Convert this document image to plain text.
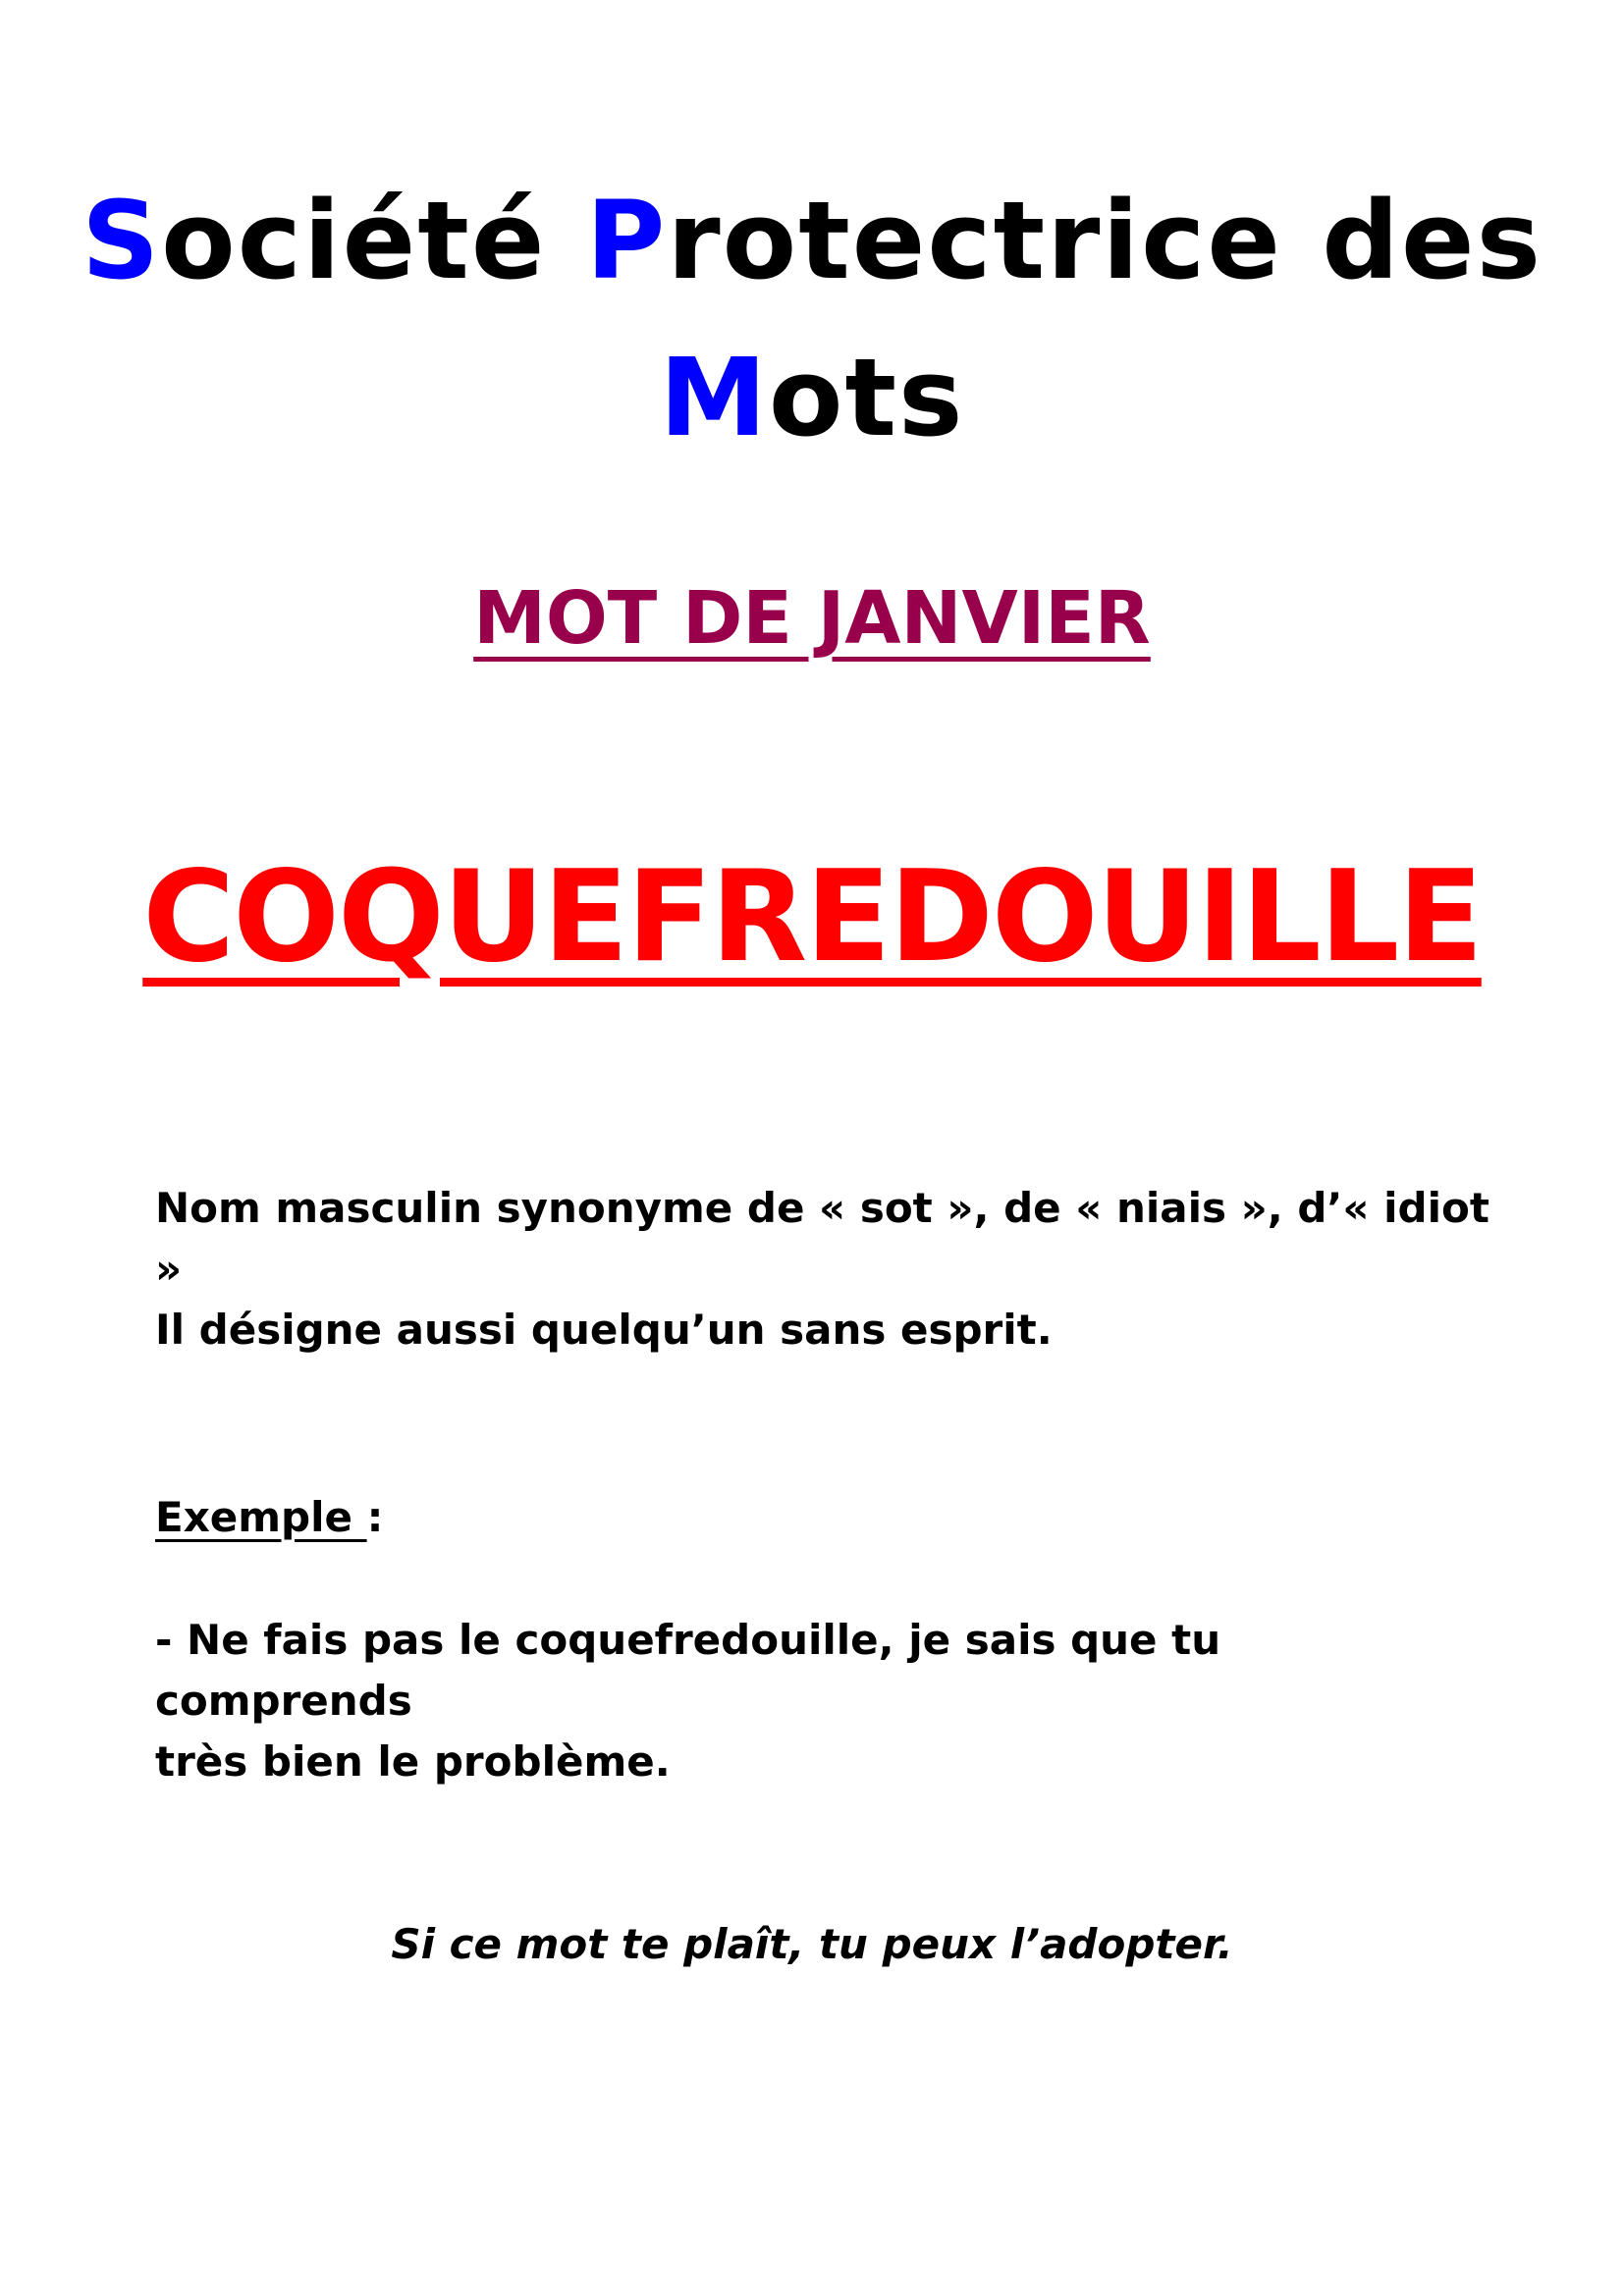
Société Protectrice des
Mots
MOT DE JANVIER
COQUEFREDOUILLE

Nom masculin synonyme de « sot », de « niais », d’« idiot »
Il désigne aussi quelqu’un sans esprit.

Exemple :

- Ne fais pas le coquefredouille, je sais que tu comprends
très bien le problème.

Si ce mot te plaît, tu peux l’adopter.
